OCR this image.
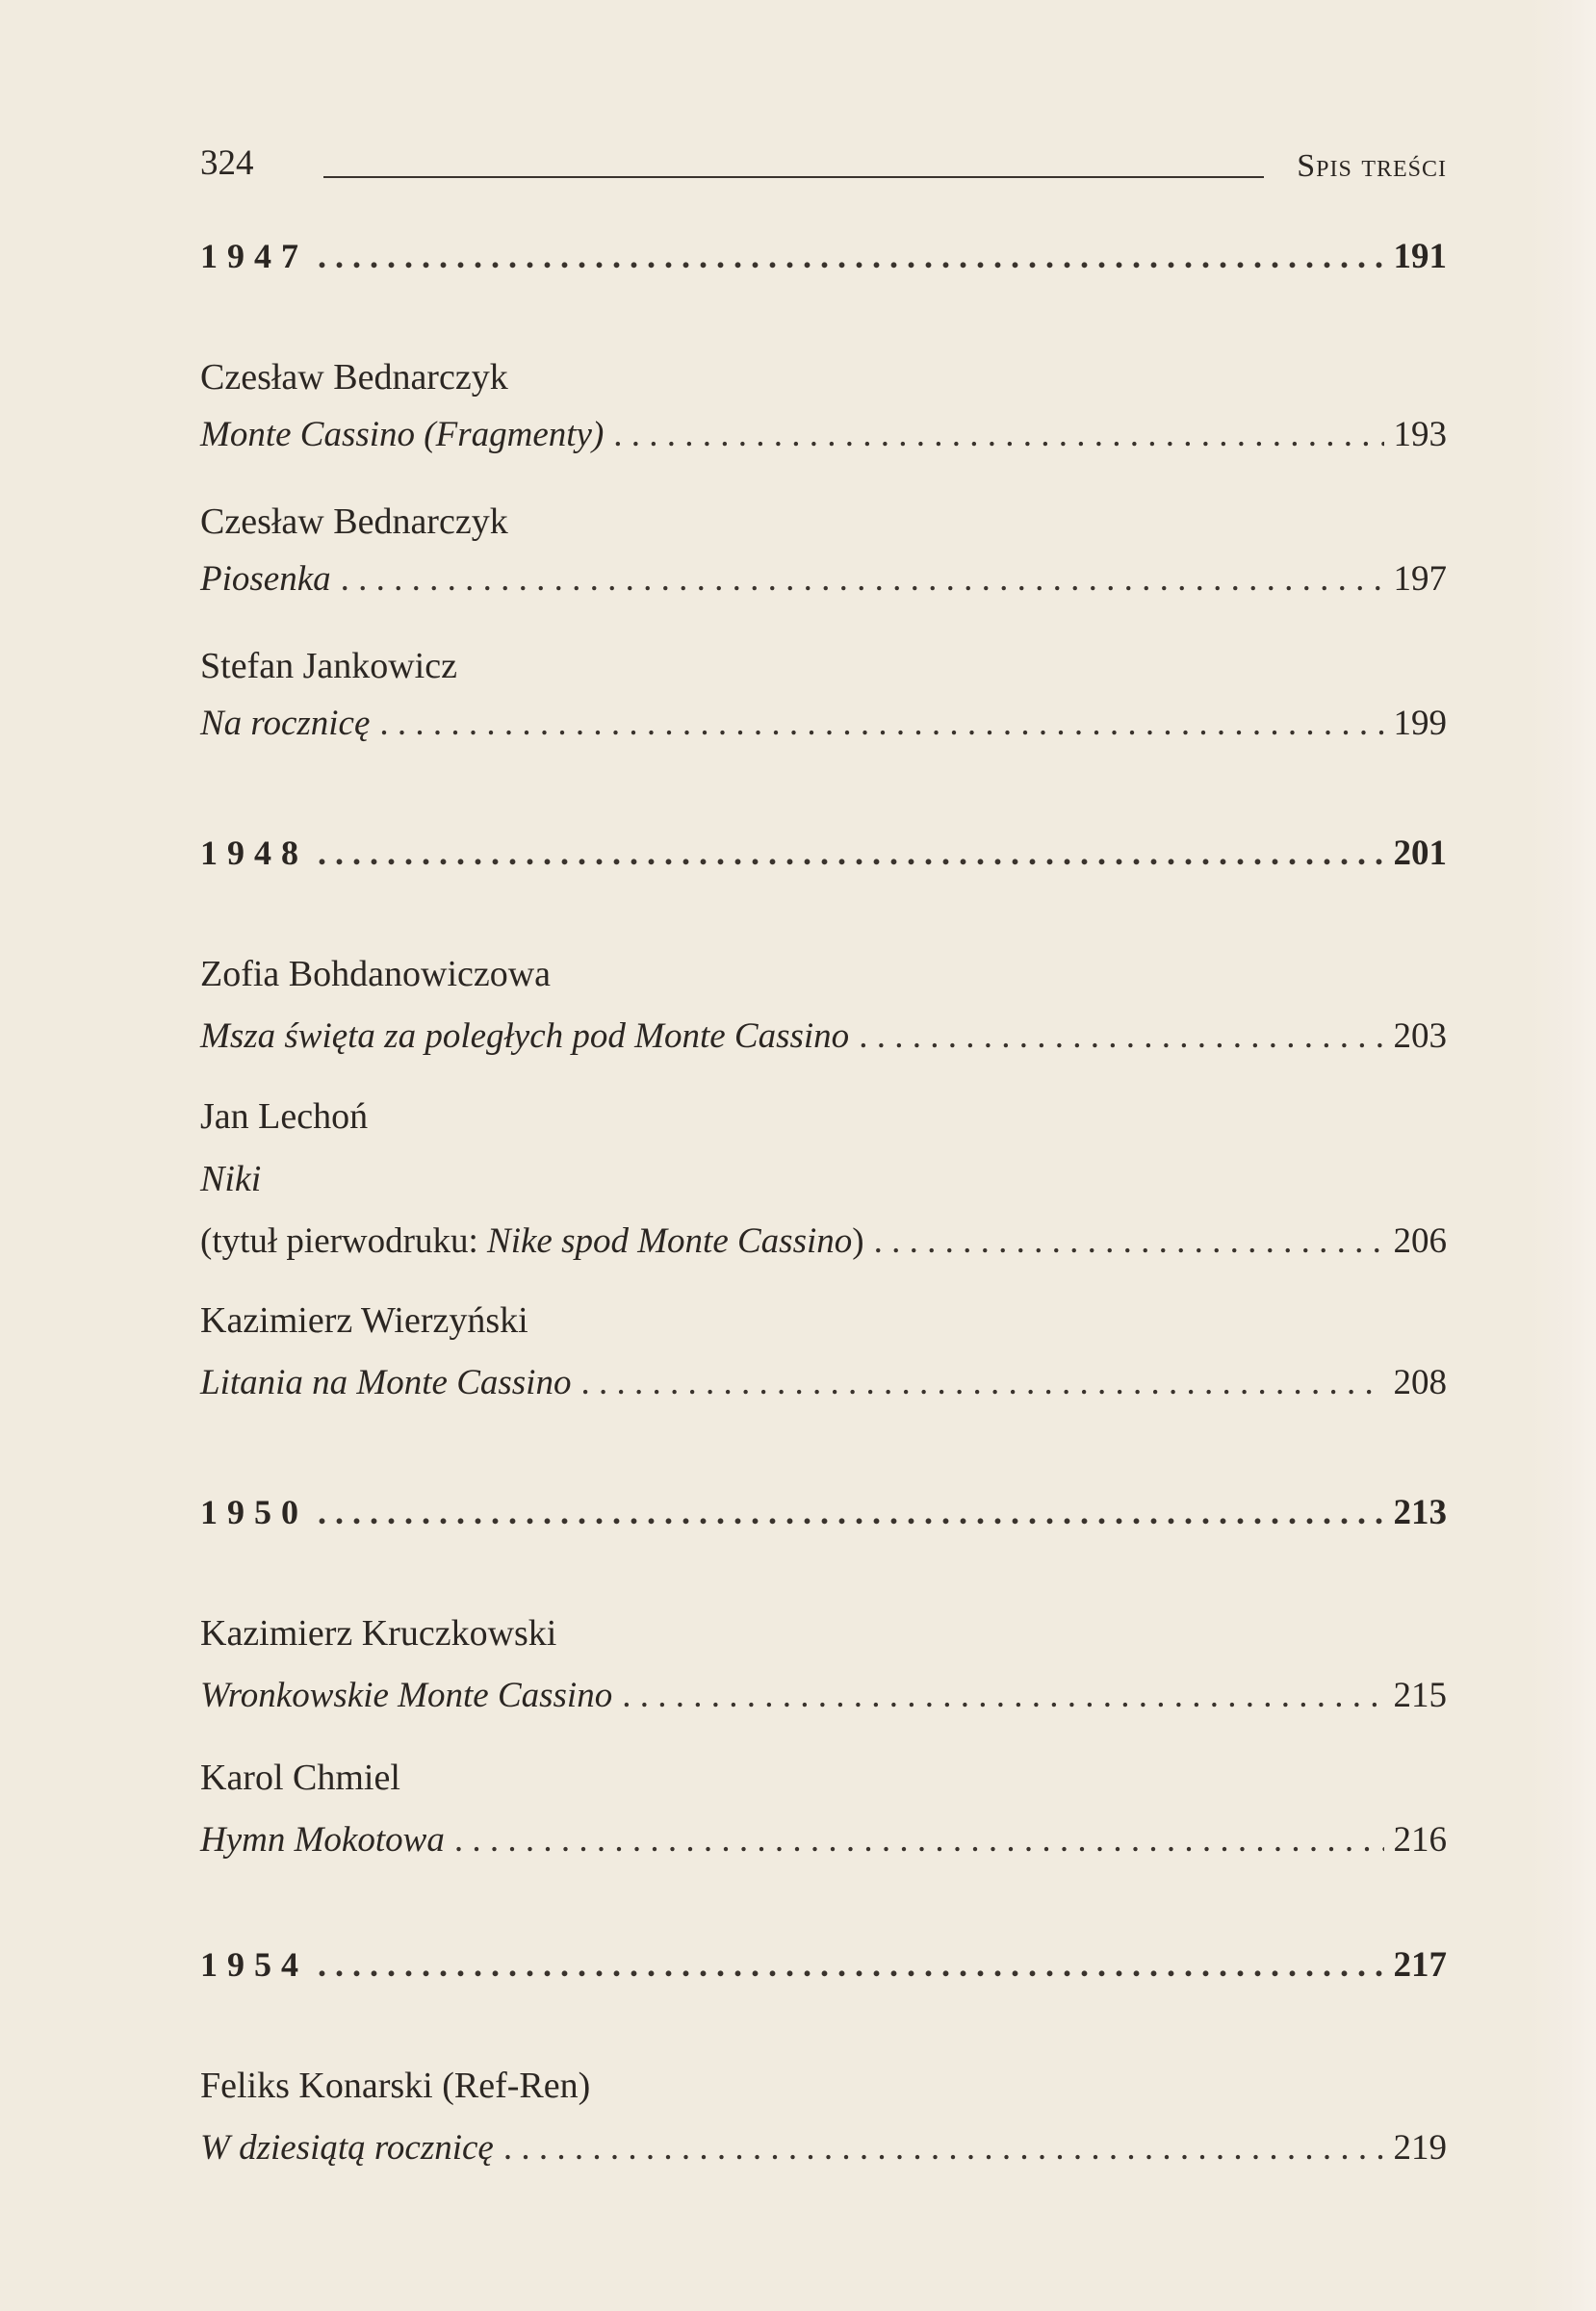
324	Spis treści
1947 . . .	191
Czesław Bednarczyk
Monte Cassino (Fragmenty) . . .	193
Czesław Bednarczyk
Piosenka . . .	197
Stefan Jankowicz
Na rocznicę . . .	199
1948 . . .	201
Zofia Bohdanowiczowa
Msza święta za poległych pod Monte Cassino . . .	203
Jan Lechoń
Niki
(tytuł pierwodruku: Nike spod Monte Cassino) . . .	206
Kazimierz Wierzyński
Litania na Monte Cassino . . .	208
1950 . . .	213
Kazimierz Kruczkowski
Wronkowskie Monte Cassino . . .	215
Karol Chmiel
Hymn Mokotowa . . .	216
1954 . . .	217
Feliks Konarski (Ref-Ren)
W dziesiątą rocznicę . . .	219
